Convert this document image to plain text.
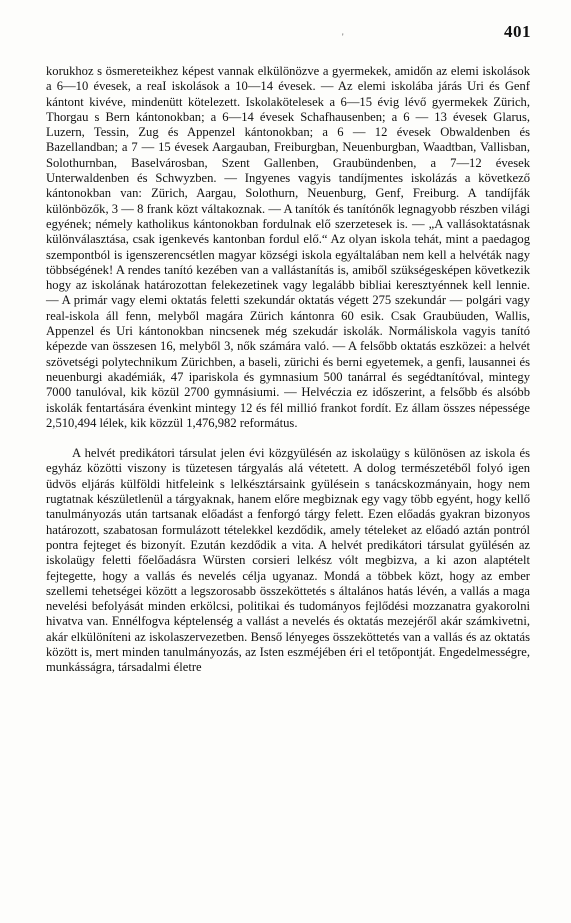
'	401

korukhoz s ösmereteikhez képest vannak elkülönözve a gyermekek, amidőn az elemi iskolások a 6—10 évesek, a reaI iskolások a 10—14 évesek. — Az elemi iskolába járás Uri és Genf kántont kivéve, mindenütt kötelezett. Iskolakötelesek a 6—15 évig lévő gyermekek Zürich, Thorgau s Bern kántonokban; a 6—14 évesek Schafhausenben; a 6 — 13 évesek Glarus, Luzern, Tessin, Zug és Appenzel kántonokban; a 6 — 12 évesek Obwaldenben és Bazellandban; a 7 — 15 évesek Aargauban, Freiburgban, Neuenburgban, Waadtban, Vallisban, Solothurnban, Baselvárosban, Szent Gallenben, Graubündenben, a 7—12 évesek Unterwaldenben és Schwyzben. — Ingyenes vagyis tandíjmentes iskolázás a következő kántonokban van: Zürich, Aargau, Solothurn, Neuenburg, Genf, Freiburg. A tandíjfák különbözők, 3 — 8 frank közt váltakoznak. — A tanítók és tanítónők legnagyobb részben világi egyének; némely katholikus kántonokban fordulnak elő szerzetesek is. — „A vallásoktatásnak különválasztása, csak igenkevés kantonban fordul elő.“ Az olyan iskola tehát, mint a paedagog szempontból is igenszerencsétlen magyar községi iskola egyáltalában nem kell a helvéták nagy többségének! A rendes tanító kezében van a vallástanítás is, amiből szükségesképen következik hogy az iskolának határozottan felekezetinek vagy legalább bibliai keresztyénnek kell lennie. — A primár vagy elemi oktatás feletti szekundár oktatás végett 275 szekundár — polgári vagy real-iskola áll fenn, melyből magára Zürich kántonra 60 esik. Csak Graubüuden, Wallis, Appenzel és Uri kántonokban nincsenek még szekudár iskolák. Normáliskola vagyis tanító képezde van összesen 16, melyből 3, nők számára való. — A felsőbb oktatás eszközei: a helvét szövetségi polytechnikum Zürichben, a baseli, zürichi és berni egyetemek, a genfi, lausannei és neuenburgi akadémiák, 47 ipariskola és gymnasium 500 tanárral és segédtanítóval, mintegy 7000 tanulóval, kik közül 2700 gymnásiumi. — Helvéczia ez időszerint, a felsőbb és alsóbb iskolák fentartására évenkint mintegy 12 és fél millió frankot fordít. Ez állam összes népessége 2,510,494 lélek, kik közzül 1,476,982 református.

A helvét predikátori társulat jelen évi közgyülésén az iskolaügy s különösen az iskola és egyház közötti viszony is tüzetesen tárgyalás alá vétetett. A dolog természetéből folyó igen üdvös eljárás külföldi hitfeleink s lelkésztársaink gyülésein s tanácskozmányain, hogy nem rugtatnak készületlenül a tárgyaknak, hanem előre megbiznak egy vagy több egyént, hogy kellő tanulmányozás után tartsanak előadást a fenforgó tárgy felett. Ezen előadás gyakran bizonyos határozott, szabatosan formulázott tételekkel kezdődik, amely tételeket az előadó aztán pontról pontra fejteget és bizonyít. Ezután kezdődik a vita. A helvét predikátori társulat gyülésén az iskolaügy feletti főelőadásra Würsten corsieri lelkész vólt megbizva, a ki azon alaptételt fejtegette, hogy a vallás és nevelés célja ugyanaz. Mondá a többek közt, hogy az ember szellemi tehetségei között a legszorosabb összeköttetés s általános hatás lévén, a vallás a maga nevelési befolyását minden erkölcsi, politikai és tudományos fejlődési mozzanatra gyakorolni hivatva van. Ennélfogva képtelenség a vallást a nevelés és oktatás mezejéről akár számkivetni, akár elkülöníteni az iskolaszervezetben. Benső lényeges összeköttetés van a vallás és az oktatás között is, mert minden tanulmányozás, az Isten eszméjében éri el tetőpontját. Engedelmességre, munkásságra, társadalmi életre
